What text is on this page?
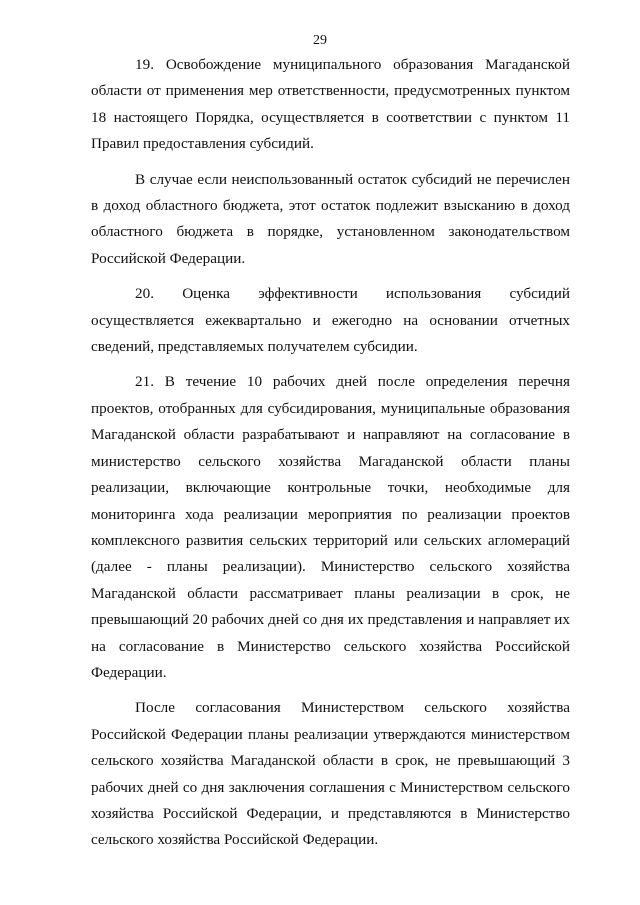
29

19. Освобождение муниципального образования Магаданской области от применения мер ответственности, предусмотренных пунктом 18 настоящего Порядка, осуществляется в соответствии с пунктом 11 Правил предоставления субсидий.

В случае если неиспользованный остаток субсидий не перечислен в доход областного бюджета, этот остаток подлежит взысканию в доход областного бюджета в порядке, установленном законодательством Российской Федерации.

20. Оценка эффективности использования субсидий осуществляется ежеквартально и ежегодно на основании отчетных сведений, представляемых получателем субсидии.

21. В течение 10 рабочих дней после определения перечня проектов, отобранных для субсидирования, муниципальные образования Магаданской области разрабатывают и направляют на согласование в министерство сельского хозяйства Магаданской области планы реализации, включающие контрольные точки, необходимые для мониторинга хода реализации мероприятия по реализации проектов комплексного развития сельских территорий или сельских агломераций (далее - планы реализации). Министерство сельского хозяйства Магаданской области рассматривает планы реализации в срок, не превышающий 20 рабочих дней со дня их представления и направляет их на согласование в Министерство сельского хозяйства Российской Федерации.

После согласования Министерством сельского хозяйства Российской Федерации планы реализации утверждаются министерством сельского хозяйства Магаданской области в срок, не превышающий 3 рабочих дней со дня заключения соглашения с Министерством сельского хозяйства Российской Федерации, и представляются в Министерство сельского хозяйства Российской Федерации.
